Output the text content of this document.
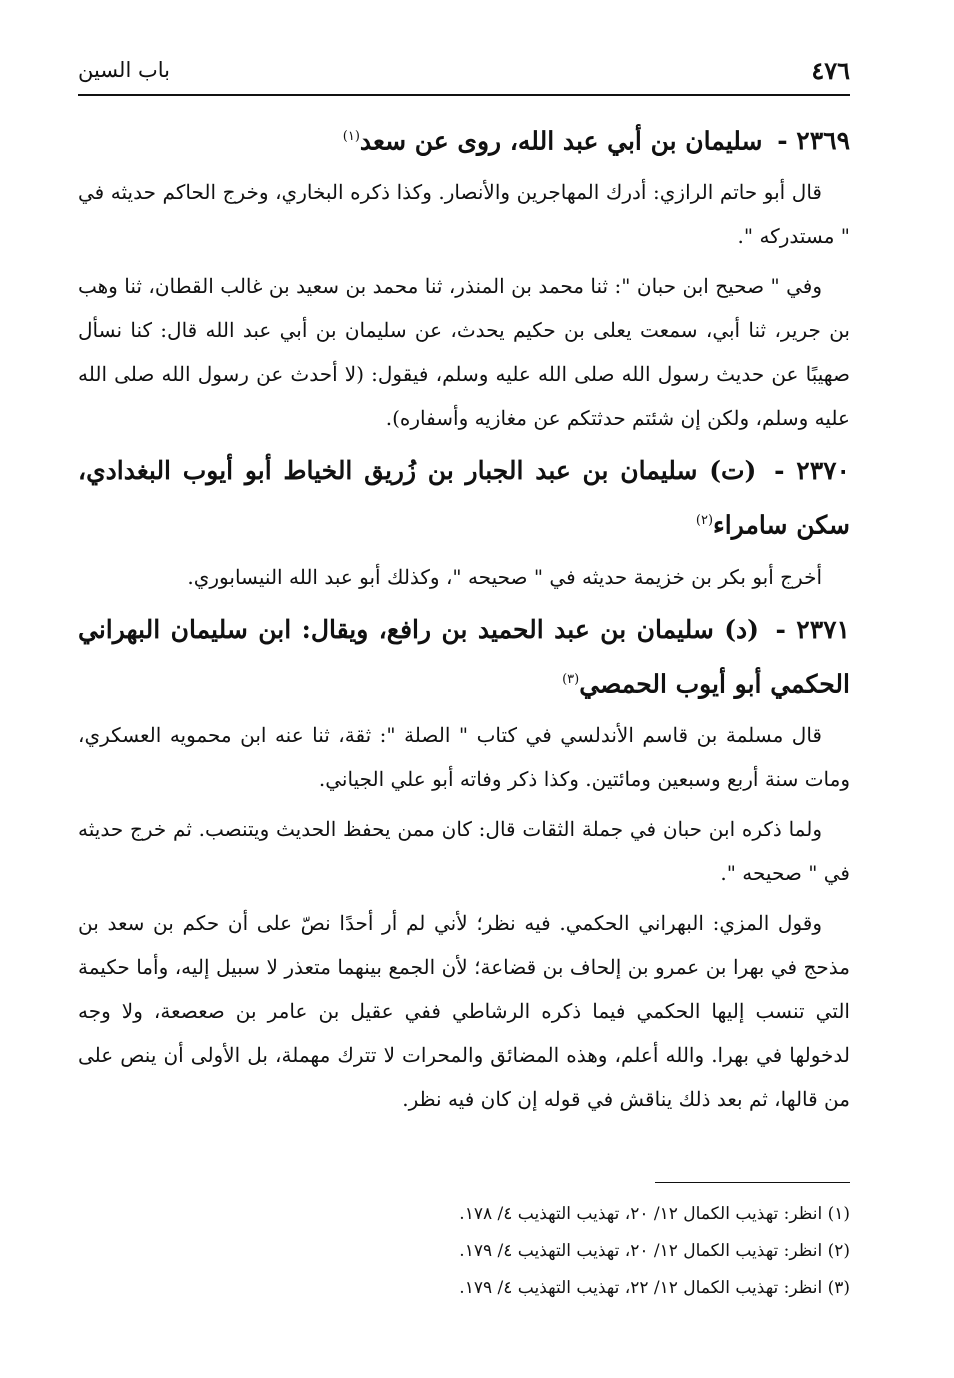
٤٧٦
باب السين

٢٣٦٩ - سليمان بن أبي عبد الله، روى عن سعد$^{(١)}$

قال أبو حاتم الرازي: أدرك المهاجرين والأنصار. وكذا ذكره البخاري، وخرج الحاكم حديثه في " مستدركه ".

وفي " صحيح ابن حبان ": ثنا محمد بن المنذر، ثنا محمد بن سعيد بن غالب القطان، ثنا وهب بن جرير، ثنا أبي، سمعت يعلى بن حكيم يحدث، عن سليمان بن أبي عبد الله قال: كنا نسأل صهيبًا عن حديث رسول الله صلى الله عليه وسلم، فيقول: (لا أحدث عن رسول الله صلى الله عليه وسلم، ولكن إن شئتم حدثتكم عن مغازيه وأسفاره).

٢٣٧٠ - (ت) سليمان بن عبد الجبار بن زُريق الخياط أبو أيوب البغدادي، سكن سامراء$^{(٢)}$

أخرج أبو بكر بن خزيمة حديثه في " صحيحه "، وكذلك أبو عبد الله النيسابوري.

٢٣٧١ - (د) سليمان بن عبد الحميد بن رافع، ويقال: ابن سليمان البهراني الحكمي أبو أيوب الحمصي$^{(٣)}$

قال مسلمة بن قاسم الأندلسي في كتاب " الصلة ": ثقة، ثنا عنه ابن محمويه العسكري، ومات سنة أربع وسبعين ومائتين. وكذا ذكر وفاته أبو علي الجياني.

ولما ذكره ابن حبان في جملة الثقات قال: كان ممن يحفظ الحديث ويتنصب. ثم خرج حديثه في " صحيحه ".

وقول المزي: البهراني الحكمي. فيه نظر؛ لأني لم أر أحدًا نصّ على أن حكم بن سعد بن مذحج في بهرا بن عمرو بن إلحاف بن قضاعة؛ لأن الجمع بينهما متعذر لا سبيل إليه، وأما حكيمة التي تنسب إليها الحكمي فيما ذكره الرشاطي ففي عقيل بن عامر بن صعصعة، ولا وجه لدخولها في بهرا. والله أعلم، وهذه المضائق والمحرات لا تترك مهملة، بل الأولى أن ينص على من قالها، ثم بعد ذلك يناقش في قوله إن كان فيه نظر.

(١) انظر: تهذيب الكمال ١٢/ ٢٠، تهذيب التهذيب ٤/ ١٧٨.

(٢) انظر: تهذيب الكمال ١٢/ ٢٠، تهذيب التهذيب ٤/ ١٧٩.

(٣) انظر: تهذيب الكمال ١٢/ ٢٢، تهذيب التهذيب ٤/ ١٧٩.
